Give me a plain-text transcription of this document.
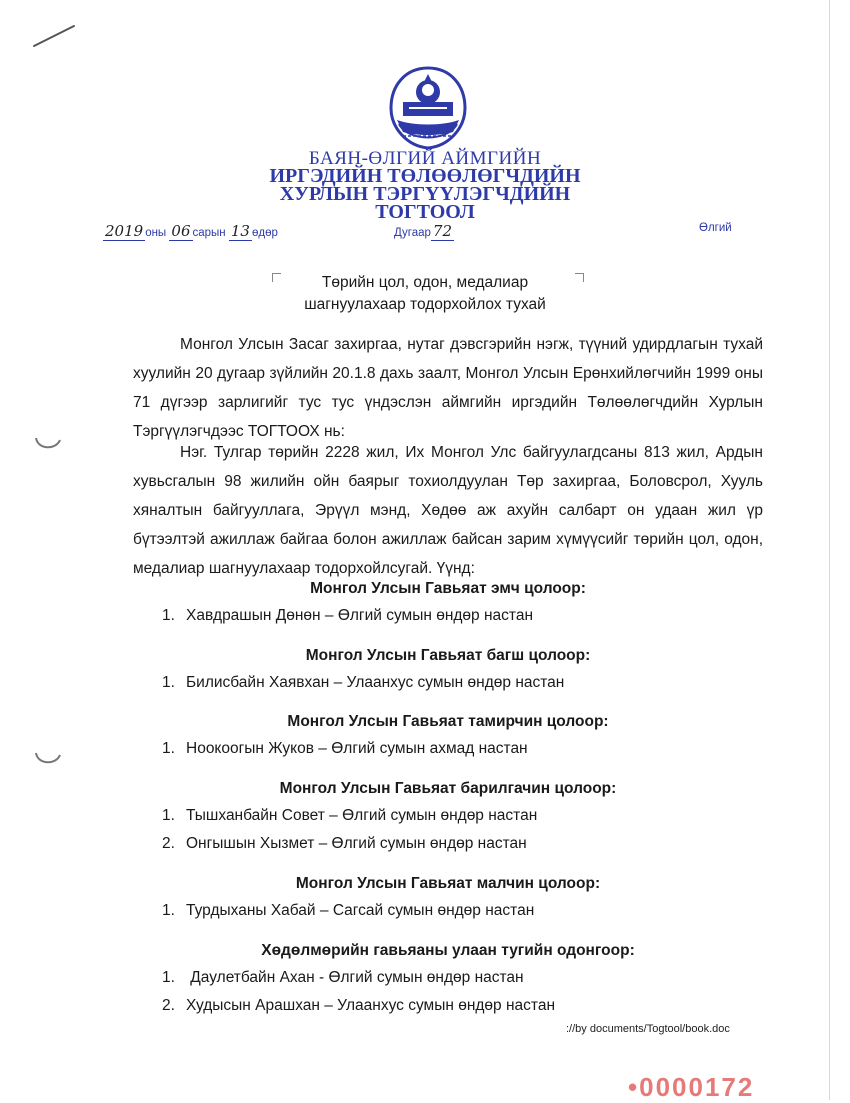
БАЯН-ӨЛГИЙ АЙМГИЙН
ИРГЭДИЙН ТӨЛӨӨЛӨГЧДИЙН
ХУРЛЫН ТЭРГҮҮЛЭГЧДИЙН
ТОГТООЛ
2019 оны 06 сарын 13 өдөр	Дугаар 72	Өлгий
Төрийн цол, одон, медалиар
шагнуулахаар тодорхойлох тухай

Монгол Улсын Засаг захиргаа, нутаг дэвсгэрийн нэгж, түүний удирдлагын тухай хуулийн 20 дугаар зүйлийн 20.1.8 дахь заалт, Монгол Улсын Ерөнхийлөгчийн 1999 оны 71 дүгээр зарлигийг тус тус үндэслэн аймгийн иргэдийн Төлөөлөгчдийн Хурлын Тэргүүлэгчдээс ТОГТООХ нь:

Нэг. Тулгар төрийн 2228 жил, Их Монгол Улс байгуулагдсаны 813 жил, Ардын хувьсгалын 98 жилийн ойн баярыг тохиолдуулан Төр захиргаа, Боловсрол, Хууль хяналтын байгууллага, Эрүүл мэнд, Хөдөө аж ахуйн салбарт он удаан жил үр бүтээлтэй ажиллаж байгаа болон ажиллаж байсан зарим хүмүүсийг төрийн цол, одон, медалиар шагнуулахаар тодорхойлсугай. Үүнд:

Монгол Улсын Гавьяат эмч цолоор:
1. Хавдрашын Дөнөн – Өлгий сумын өндөр настан
Монгол Улсын Гавьяат багш цолоор:
1. Билисбайн Хаявхан – Улаанхус сумын өндөр настан
Монгол Улсын Гавьяат тамирчин цолоор:
1. Ноокоогын Жуков – Өлгий сумын ахмад настан
Монгол Улсын Гавьяат барилгачин цолоор:
1. Тышханбайн Совет – Өлгий сумын өндөр настан
2. Онгышын Хызмет – Өлгий сумын өндөр настан
Монгол Улсын Гавьяат малчин цолоор:
1. Турдыханы Хабай – Сагсай сумын өндөр настан
Хөдөлмөрийн гавьяаны улаан тугийн одонгоор:
1. Даулетбайн Ахан - Өлгий сумын өндөр настан
2. Худысын Арашхан – Улаанхус сумын өндөр настан
://by documents/Togtool/book.doc
•0000172
